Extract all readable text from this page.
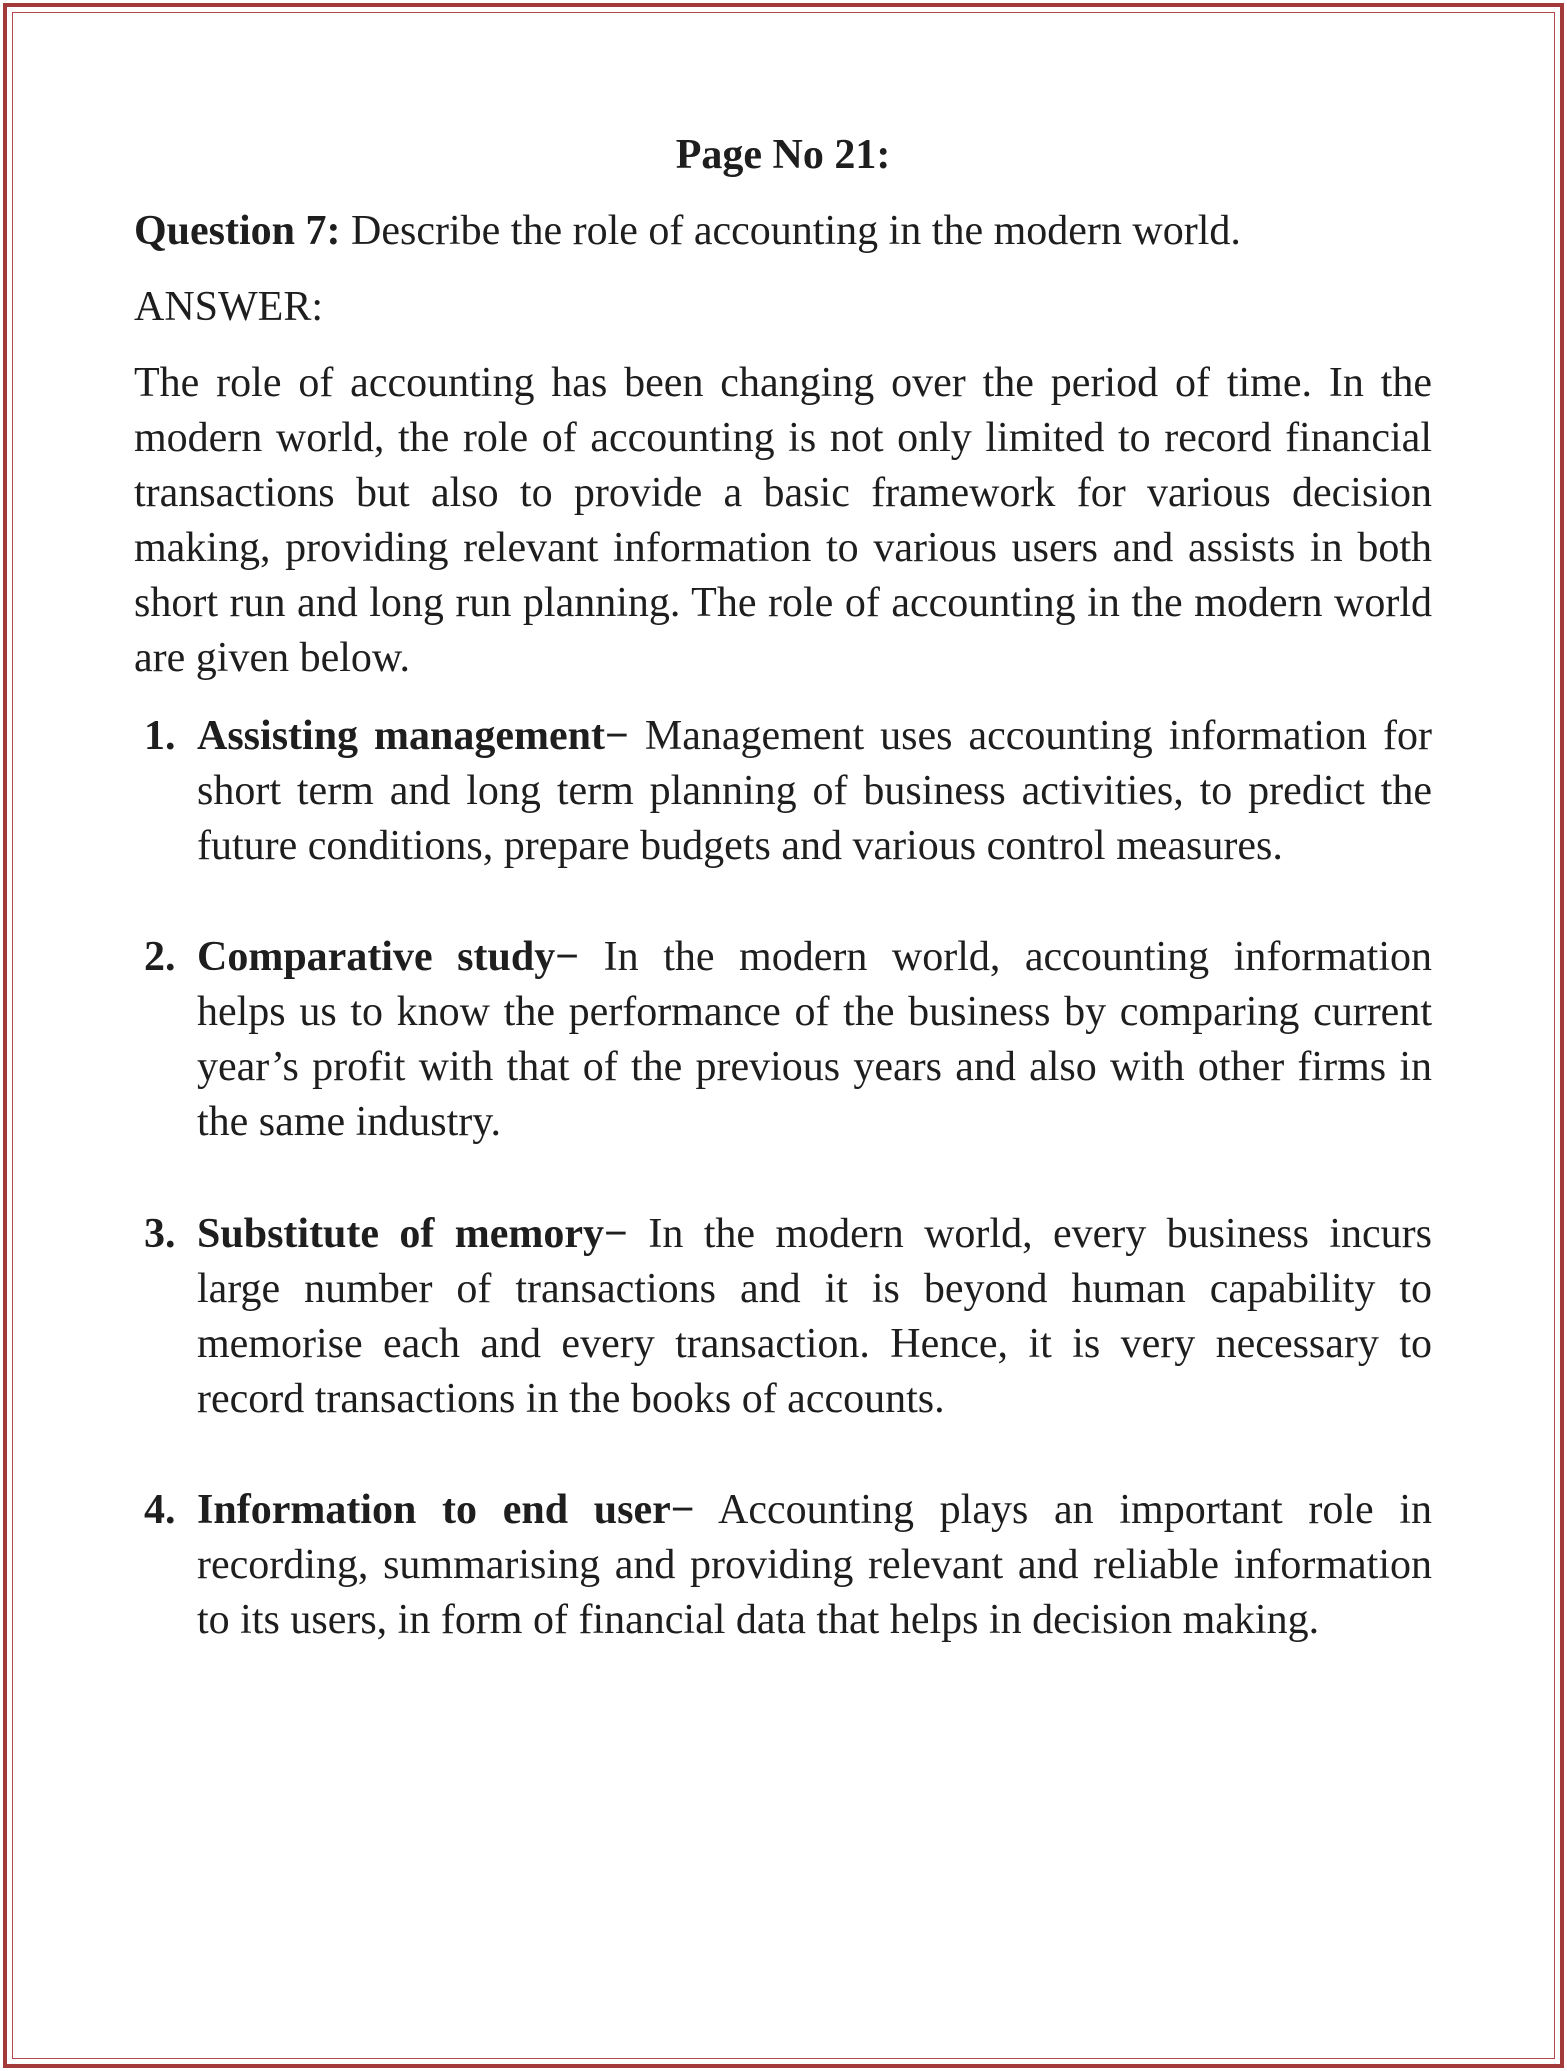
Page No 21:
Question 7: Describe the role of accounting in the modern world.
ANSWER:
The role of accounting has been changing over the period of time. In the modern world, the role of accounting is not only limited to record financial transactions but also to provide a basic framework for various decision making, providing relevant information to various users and assists in both short run and long run planning. The role of accounting in the modern world are given below.
1. Assisting management− Management uses accounting information for short term and long term planning of business activities, to predict the future conditions, prepare budgets and various control measures.
2. Comparative study− In the modern world, accounting information helps us to know the performance of the business by comparing current year’s profit with that of the previous years and also with other firms in the same industry.
3. Substitute of memory− In the modern world, every business incurs large number of transactions and it is beyond human capability to memorise each and every transaction. Hence, it is very necessary to record transactions in the books of accounts.
4. Information to end user− Accounting plays an important role in recording, summarising and providing relevant and reliable information to its users, in form of financial data that helps in decision making.
